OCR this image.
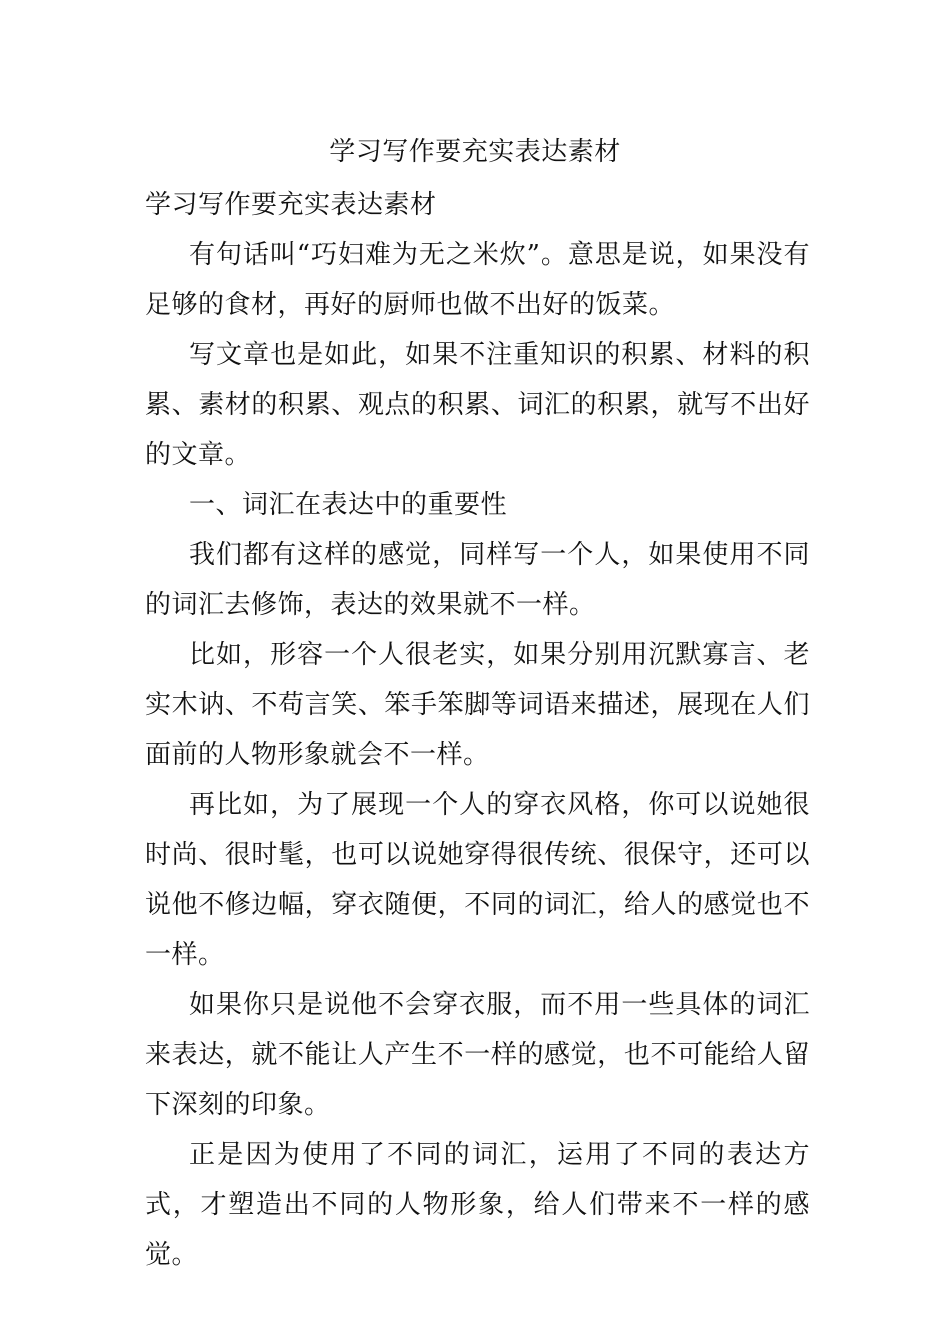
学习写作要充实表达素材

学习写作要充实表达素材

有句话叫“巧妇难为无之米炊”。意思是说，如果没有足够的食材，再好的厨师也做不出好的饭菜。

写文章也是如此，如果不注重知识的积累、材料的积累、素材的积累、观点的积累、词汇的积累，就写不出好的文章。

一、词汇在表达中的重要性

我们都有这样的感觉，同样写一个人，如果使用不同的词汇去修饰，表达的效果就不一样。

比如，形容一个人很老实，如果分别用沉默寡言、老实木讷、不苟言笑、笨手笨脚等词语来描述，展现在人们面前的人物形象就会不一样。

再比如，为了展现一个人的穿衣风格，你可以说她很时尚、很时髦，也可以说她穿得很传统、很保守，还可以说他不修边幅，穿衣随便，不同的词汇，给人的感觉也不一样。

如果你只是说他不会穿衣服，而不用一些具体的词汇来表达，就不能让人产生不一样的感觉，也不可能给人留下深刻的印象。

正是因为使用了不同的词汇，运用了不同的表达方式，才塑造出不同的人物形象，给人们带来不一样的感觉。
